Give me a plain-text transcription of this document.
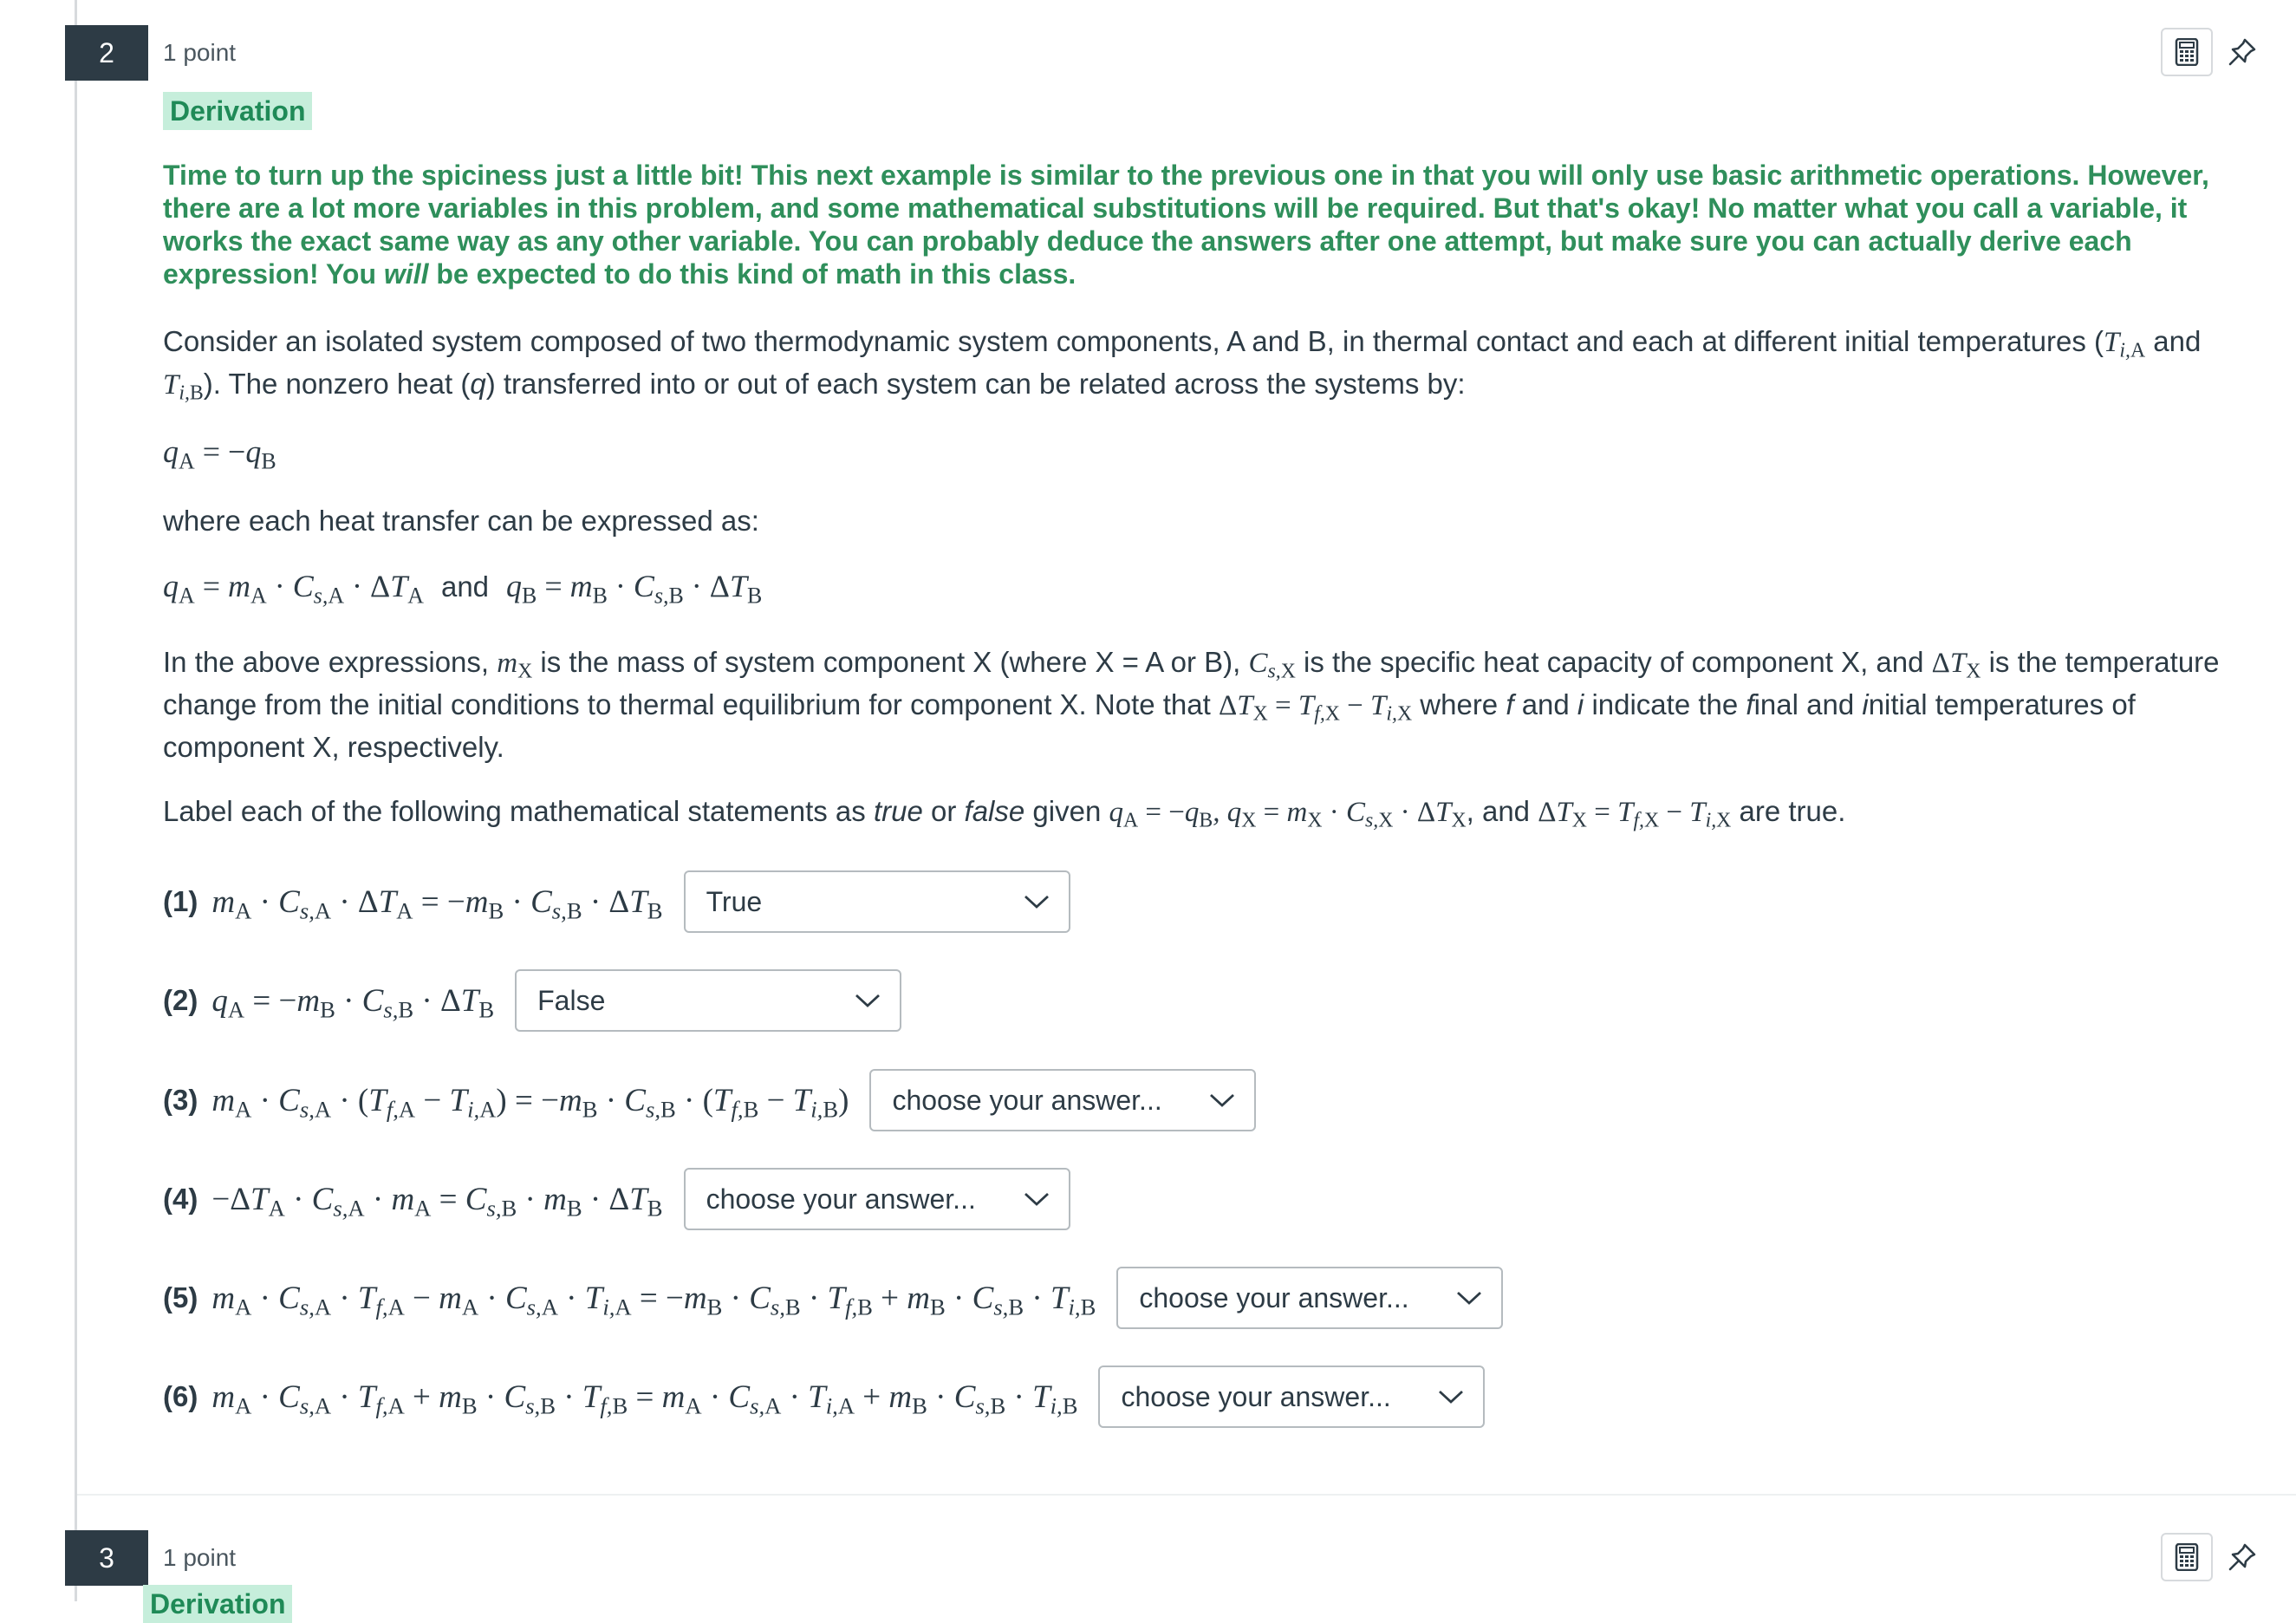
2	1 point
Derivation
Time to turn up the spiciness just a little bit! This next example is similar to the previous one in that you will only use basic arithmetic operations. However, there are a lot more variables in this problem, and some mathematical substitutions will be required. But that's okay! No matter what you call a variable, it works the exact same way as any other variable. You can probably deduce the answers after one attempt, but make sure you can actually derive each expression! You will be expected to do this kind of math in this class.
Consider an isolated system composed of two thermodynamic system components, A and B, in thermal contact and each at different initial temperatures ($T_{i,A}$ and $T_{i,B}$). The nonzero heat (q) transferred into or out of each system can be related across the systems by:
$q_A = -q_B$
where each heat transfer can be expressed as:
$q_A = m_A \cdot C_{s,A} \cdot \Delta T_A$ and $q_B = m_B \cdot C_{s,B} \cdot \Delta T_B$
In the above expressions, $m_X$ is the mass of system component X (where X = A or B), $C_{s,X}$ is the specific heat capacity of component X, and $\Delta T_X$ is the temperature change from the initial conditions to thermal equilibrium for component X. Note that $\Delta T_X = T_{f,X} - T_{i,X}$ where f and i indicate the final and initial temperatures of component X, respectively.
Label each of the following mathematical statements as true or false given $q_A = -q_B$, $q_X = m_X \cdot C_{s,X} \cdot \Delta T_X$, and $\Delta T_X = T_{f,X} - T_{i,X}$ are true.
(1) $m_A \cdot C_{s,A} \cdot \Delta T_A = -m_B \cdot C_{s,B} \cdot \Delta T_B$ True
(2) $q_A = -m_B \cdot C_{s,B} \cdot \Delta T_B$ False
(3) $m_A \cdot C_{s,A} \cdot (T_{f,A} - T_{i,A}) = -m_B \cdot C_{s,B} \cdot (T_{f,B} - T_{i,B})$ choose your answer...
$(4) -\Delta T_A \cdot C_{s,A} \cdot m_A = C_{s,B} \cdot m_B \cdot \Delta T_B$ choose your answer...
(5) $m_A \cdot C_{s,A} \cdot T_{f,A} - m_A \cdot C_{s,A} \cdot T_{i,A} = -m_B \cdot C_{s,B} \cdot T_{f,B} + m_B \cdot C_{s,B} \cdot T_{i,B}$ choose your answer...
(6) $m_A \cdot C_{s,A} \cdot T_{f,A} + m_B \cdot C_{s,B} \cdot T_{f,B} = m_A \cdot C_{s,A} \cdot T_{i,A} + m_B \cdot C_{s,B} \cdot T_{i,B}$ choose your answer...
3	1 point
Derivation
